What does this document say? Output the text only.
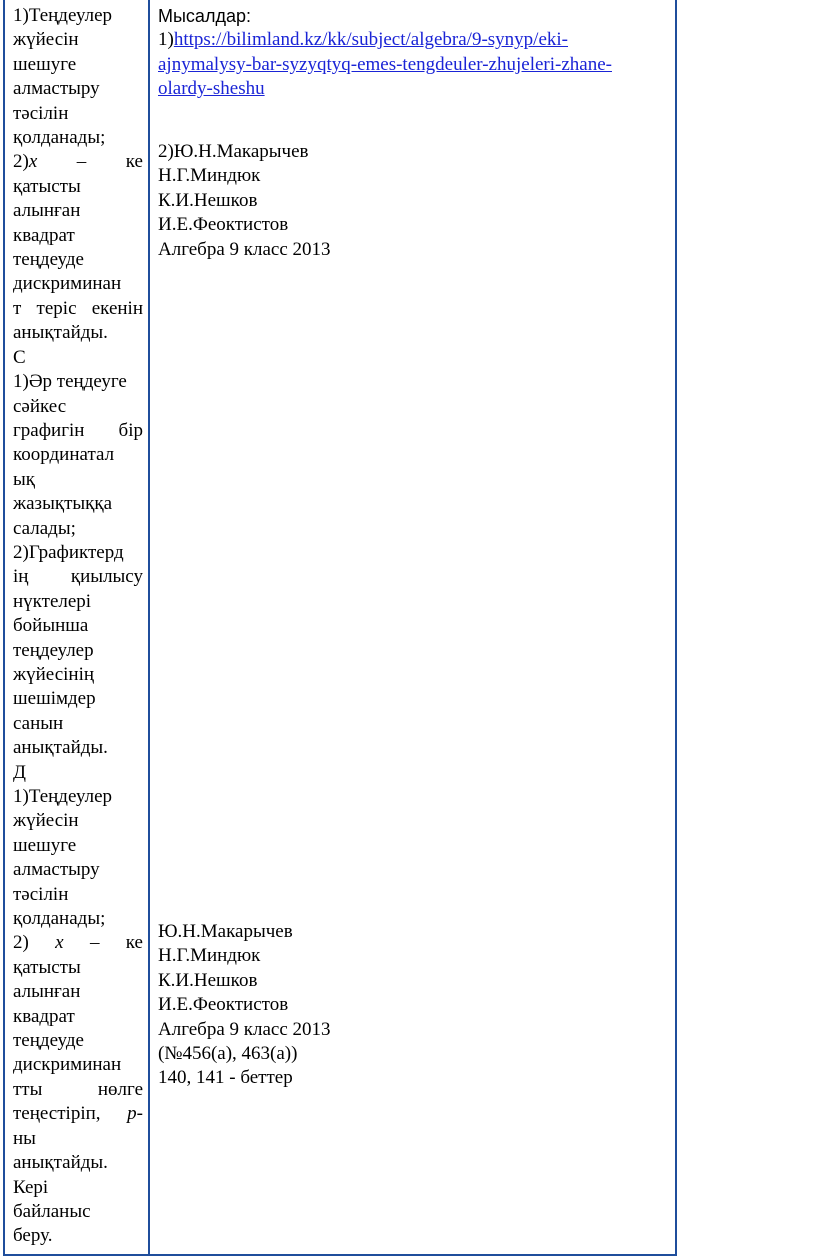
1)Теңдеулер
жүйесін
шешуге
алмастыру
тәсілін
қолданады;
2)x – ке
қатысты
алынған
квадрат
теңдеуде
дискриминан
т теріс екенін
анықтайды.
C
1)Әр теңдеуге
сәйкес
графигін бір
координатал
ық
жазықтыққа
салады;
2)Графиктерд
ің қиылысу
нүктелері
бойынша
теңдеулер
жүйесінің
шешімдер
санын
анықтайды.
Д
1)Теңдеулер
жүйесін
шешуге
алмастыру
тәсілін
қолданады;
2) x – ке
қатысты
алынған
квадрат
теңдеуде
дискриминан
тты нөлге
теңестіріп, p-
ны
анықтайды.
Кері
байланыс
беру.
Мысалдар:
1)https://bilimland.kz/kk/subject/algebra/9-synyp/eki-
ajnymalysy-bar-syzyqtyq-emes-tengdeuler-zhujeleri-zhane-
olardy-sheshu
2)Ю.Н.Макарычев
Н.Г.Миндюк
К.И.Нешков
И.Е.Феоктистов
Алгебра 9 класс 2013
Ю.Н.Макарычев
Н.Г.Миндюк
К.И.Нешков
И.Е.Феоктистов
Алгебра 9 класс 2013
(№456(а), 463(а))
140, 141 - беттер
